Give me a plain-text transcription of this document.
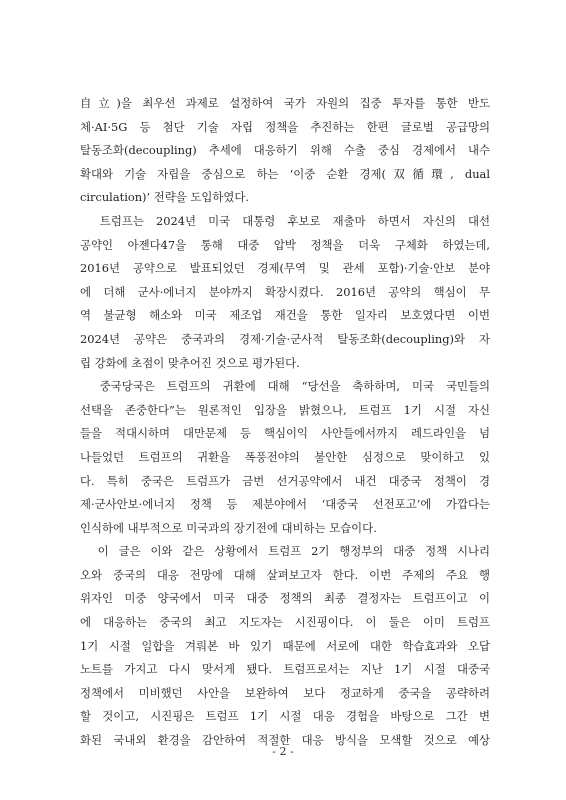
自立)을 최우선 과제로 설정하여 국가 자원의 집중 투자를 통한 반도
체·AI·5G 등 첨단 기술 자립 정책을 추진하는 한편 글로벌 공급망의
탈동조화(decoupling) 추세에 대응하기 위해 수출 중심 경제에서 내수
확대와 기술 자립을 중심으로 하는 ‘이중 순환 경제(双循環, dual
circulation)’ 전략을 도입하였다.
　트럼프는 2024년 미국 대통령 후보로 재출마 하면서 자신의 대선
공약인 아젠다47을 통해 대중 압박 정책을 더욱 구체화 하였는데,
2016년 공약으로 발표되었던 경제(무역 및 관세 포함)·기술·안보 분야
에 더해 군사·에너지 분야까지 확장시켰다. 2016년 공약의 핵심이 무
역 불균형 해소와 미국 제조업 재건을 통한 일자리 보호였다면 이번
2024년 공약은 중국과의 경제·기술·군사적 탈동조화(decoupling)와 자
립 강화에 초점이 맞추어진 것으로 평가된다.
　중국당국은 트럼프의 귀환에 대해 “당선을 축하하며, 미국 국민들의
선택을 존중한다”는 원론적인 입장을 밝혔으나, 트럼프 1기 시절 자신
들을 적대시하며 대만문제 등 핵심이익 사안들에서까지 레드라인을 넘
나들었던 트럼프의 귀환을 폭풍전야의 불안한 심정으로 맞이하고 있
다. 특히 중국은 트럼프가 금번 선거공약에서 내건 대중국 정책이 경
제·군사안보·에너지 정책 등 제분야에서 ‘대중국 선전포고’에 가깝다는
인식하에 내부적으로 미국과의 장기전에 대비하는 모습이다.
　이 글은 이와 같은 상황에서 트럼프 2기 행정부의 대중 정책 시나리
오와 중국의 대응 전망에 대해 살펴보고자 한다. 이번 주제의 주요 행
위자인 미중 양국에서 미국 대중 정책의 최종 결정자는 트럼프이고 이
에 대응하는 중국의 최고 지도자는 시진핑이다. 이 둘은 이미 트럼프
1기 시절 일합을 겨뤄본 바 있기 때문에 서로에 대한 학습효과와 오답
노트를 가지고 다시 맞서게 됐다. 트럼프로서는 지난 1기 시절 대중국
정책에서 미비했던 사안을 보완하여 보다 정교하게 중국을 공략하려
할 것이고, 시진핑은 트럼프 1기 시절 대응 경험을 바탕으로 그간 변
화된 국내외 환경을 감안하여 적절한 대응 방식을 모색할 것으로 예상
- 2 -
